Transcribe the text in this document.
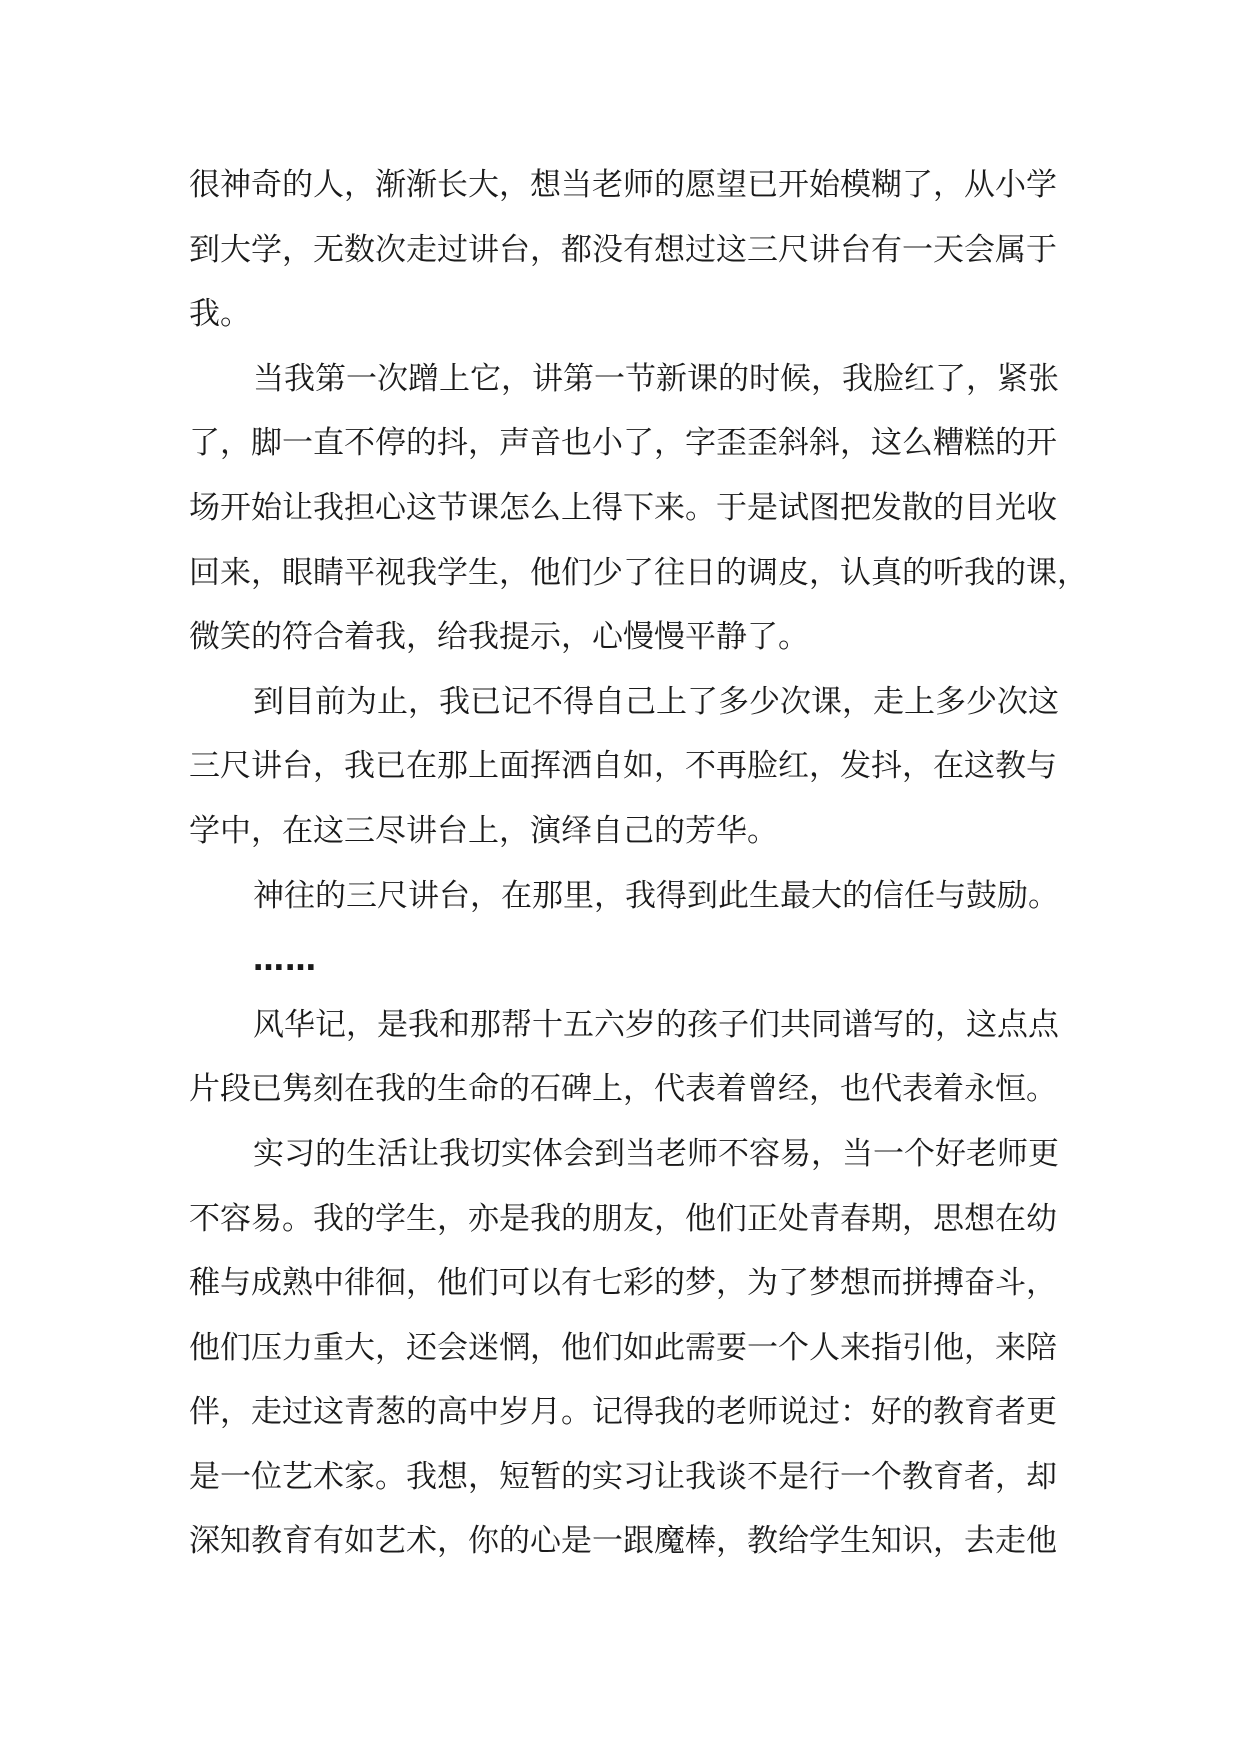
很神奇的人，渐渐长大，想当老师的愿望已开始模糊了，从小学
到大学，无数次走过讲台，都没有想过这三尺讲台有一天会属于
我。
当我第一次蹭上它，讲第一节新课的时候，我脸红了，紧张
了，脚一直不停的抖，声音也小了，字歪歪斜斜，这么糟糕的开
场开始让我担心这节课怎么上得下来。于是试图把发散的目光收
回来，眼睛平视我学生，他们少了往日的调皮，认真的听我的课，
微笑的符合着我，给我提示，心慢慢平静了。
到目前为止，我已记不得自己上了多少次课，走上多少次这
三尺讲台，我已在那上面挥洒自如，不再脸红，发抖，在这教与
学中，在这三尽讲台上，演绎自己的芳华。
神往的三尺讲台，在那里，我得到此生最大的信任与鼓励。
……
风华记，是我和那帮十五六岁的孩子们共同谱写的，这点点
片段已隽刻在我的生命的石碑上，代表着曾经，也代表着永恒。
实习的生活让我切实体会到当老师不容易，当一个好老师更
不容易。我的学生，亦是我的朋友，他们正处青春期，思想在幼
稚与成熟中徘徊，他们可以有七彩的梦，为了梦想而拼搏奋斗，
他们压力重大，还会迷惘，他们如此需要一个人来指引他，来陪
伴，走过这青葱的高中岁月。记得我的老师说过：好的教育者更
是一位艺术家。我想，短暂的实习让我谈不是行一个教育者，却
深知教育有如艺术，你的心是一跟魔棒，教给学生知识，去走他
